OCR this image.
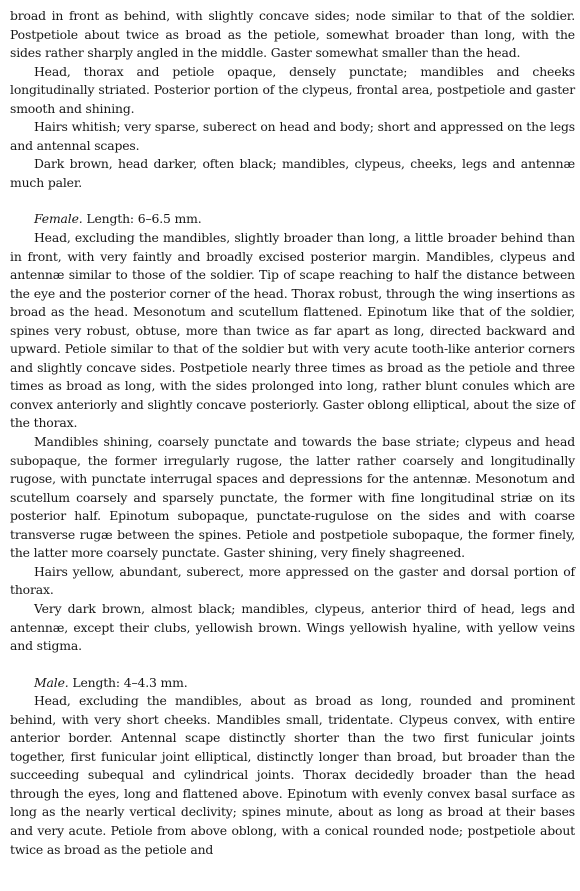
broad in front as behind, with slightly concave sides; node similar to that of the soldier. Postpetiole about twice as broad as the petiole, somewhat broader than long, with the sides rather sharply angled in the middle. Gaster somewhat smaller than the head.

Head, thorax and petiole opaque, densely punctate; mandibles and cheeks longitudinally striated. Posterior portion of the clypeus, frontal area, postpetiole and gaster smooth and shining.

Hairs whitish; very sparse, suberect on head and body; short and appressed on the legs and antennal scapes.

Dark brown, head darker, often black; mandibles, clypeus, cheeks, legs and antennæ much paler.

Female. Length: 6–6.5 mm.

Head, excluding the mandibles, slightly broader than long, a little broader behind than in front, with very faintly and broadly excised posterior margin. Mandibles, clypeus and antennæ similar to those of the soldier. Tip of scape reaching to half the distance between the eye and the posterior corner of the head. Thorax robust, through the wing insertions as broad as the head. Mesonotum and scutellum flattened. Epinotum like that of the soldier, spines very robust, obtuse, more than twice as far apart as long, directed backward and upward. Petiole similar to that of the soldier but with very acute tooth-like anterior corners and slightly concave sides. Postpetiole nearly three times as broad as the petiole and three times as broad as long, with the sides prolonged into long, rather blunt conules which are convex anteriorly and slightly concave posteriorly. Gaster oblong elliptical, about the size of the thorax.

Mandibles shining, coarsely punctate and towards the base striate; clypeus and head subopaque, the former irregularly rugose, the latter rather coarsely and longitudinally rugose, with punctate interrugal spaces and depressions for the antennæ. Mesonotum and scutellum coarsely and sparsely punctate, the former with fine longitudinal striæ on its posterior half. Epinotum subopaque, punctate-rugulose on the sides and with coarse transverse rugæ between the spines. Petiole and postpetiole subopaque, the former finely, the latter more coarsely punctate. Gaster shining, very finely shagreened.

Hairs yellow, abundant, suberect, more appressed on the gaster and dorsal portion of thorax.

Very dark brown, almost black; mandibles, clypeus, anterior third of head, legs and antennæ, except their clubs, yellowish brown. Wings yellowish hyaline, with yellow veins and stigma.

Male. Length: 4–4.3 mm.

Head, excluding the mandibles, about as broad as long, rounded and prominent behind, with very short cheeks. Mandibles small, tridentate. Clypeus convex, with entire anterior border. Antennal scape distinctly shorter than the two first funicular joints together, first funicular joint elliptical, distinctly longer than broad, but broader than the succeeding subequal and cylindrical joints. Thorax decidedly broader than the head through the eyes, long and flattened above. Epinotum with evenly convex basal surface as long as the nearly vertical declivity; spines minute, about as long as broad at their bases and very acute. Petiole from above oblong, with a conical rounded node; postpetiole about twice as broad as the petiole and
